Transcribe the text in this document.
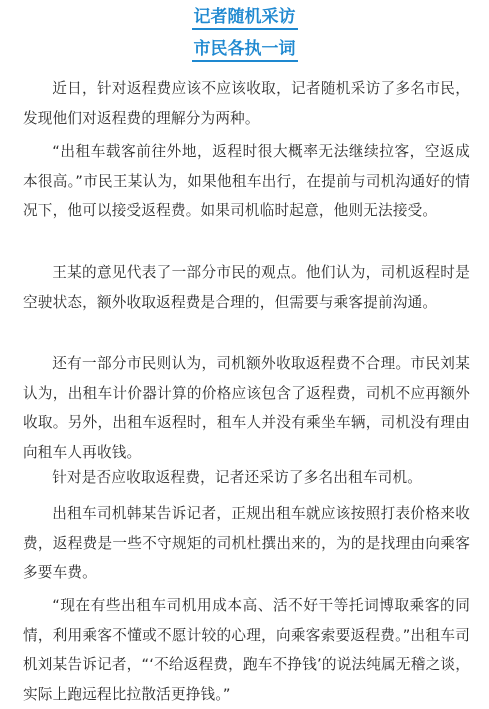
记者随机采访
市民各执一词

近日，针对返程费应该不应该收取，记者随机采访了多名市民，发现他们对返程费的理解分为两种。

“出租车载客前往外地，返程时很大概率无法继续拉客，空返成本很高。”市民王某认为，如果他租车出行，在提前与司机沟通好的情况下，他可以接受返程费。如果司机临时起意，他则无法接受。

王某的意见代表了一部分市民的观点。他们认为，司机返程时是空驶状态，额外收取返程费是合理的，但需要与乘客提前沟通。

还有一部分市民则认为，司机额外收取返程费不合理。市民刘某认为，出租车计价器计算的价格应该包含了返程费，司机不应再额外收取。另外，出租车返程时，租车人并没有乘坐车辆，司机没有理由向租车人再收钱。

针对是否应收取返程费，记者还采访了多名出租车司机。

出租车司机韩某告诉记者，正规出租车就应该按照打表价格来收费，返程费是一些不守规矩的司机杜撰出来的，为的是找理由向乘客多要车费。

“现在有些出租车司机用成本高、活不好干等托词博取乘客的同情，利用乘客不懂或不愿计较的心理，向乘客索要返程费。”出租车司机刘某告诉记者，“‘不给返程费，跑车不挣钱’的说法纯属无稽之谈，实际上跑远程比拉散活更挣钱。”
